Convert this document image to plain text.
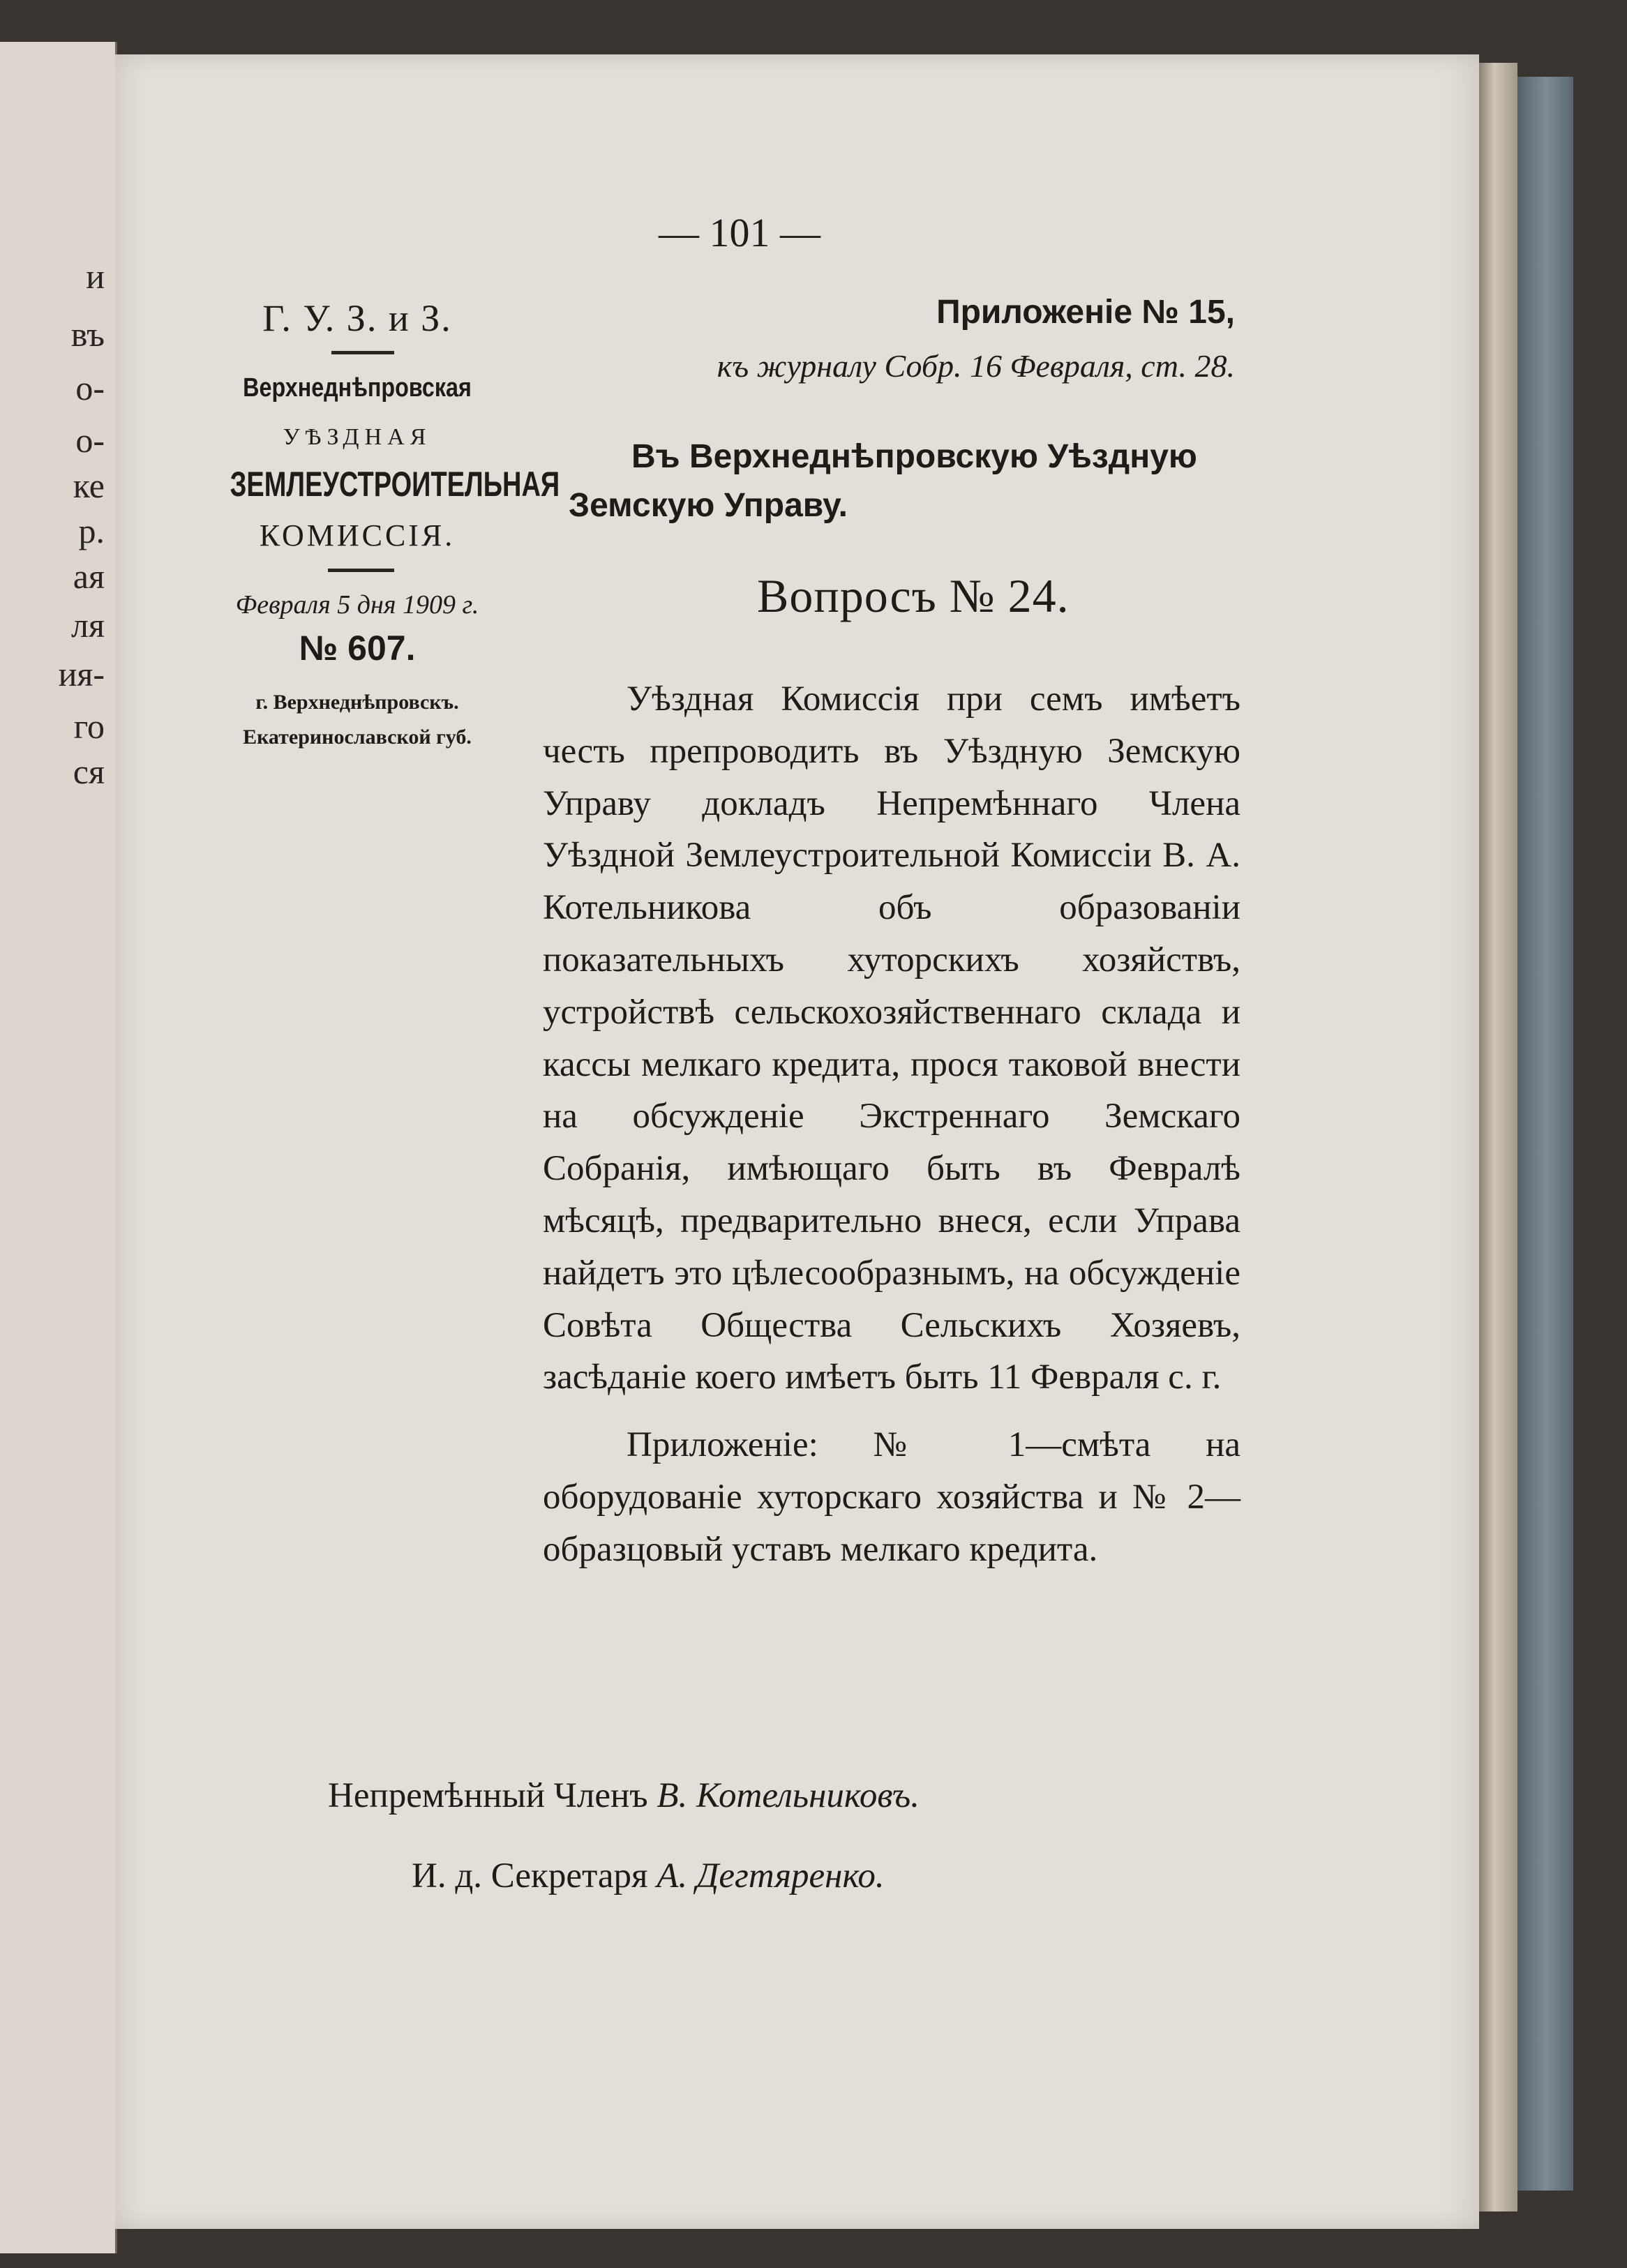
и
въ
о-
о-
ке
р.
ая
ля
ия-
го
ся
— 101 —
Г. У. З. и З.
Верхнеднѣпровская
УѢЗДНАЯ
ЗЕМЛЕУСТРОИТЕЛЬНАЯ
КОМИССІЯ.
Февраля 5 дня 1909 г.
№ 607.
г. Верхнеднѣпровскъ.
Екатеринославской губ.
Приложеніе № 15,
къ журналу Собр. 16 Февраля, ст. 28.
Въ Верхнеднѣпровскую Уѣздную Земскую Управу.
Вопросъ № 24.

Уѣздная Комиссія при семъ имѣетъ честь препроводить въ Уѣздную Земскую Управу докладъ Непремѣннаго Члена Уѣздной Землеустроительной Комиссіи В. А. Котельникова объ образованіи показательныхъ хуторскихъ хозяйствъ, устройствѣ сельскохозяйственнаго склада и кассы мелкаго кредита, прося таковой внести на обсужденіе Экстреннаго Земскаго Собранія, имѣющаго быть въ Февралѣ мѣсяцѣ, предварительно внеся, если Управа найдетъ это цѣлесообразнымъ, на обсужденіе Совѣта Общества Сельскихъ Хозяевъ, засѣданіе коего имѣетъ быть 11 Февраля с. г.

Приложеніе: № 1—смѣта на оборудованіе хуторскаго хозяйства и № 2—образцовый уставъ мелкаго кредита.

Непремѣнный Членъ В. Котельниковъ.
И. д. Секретаря А. Дегтяренко.
